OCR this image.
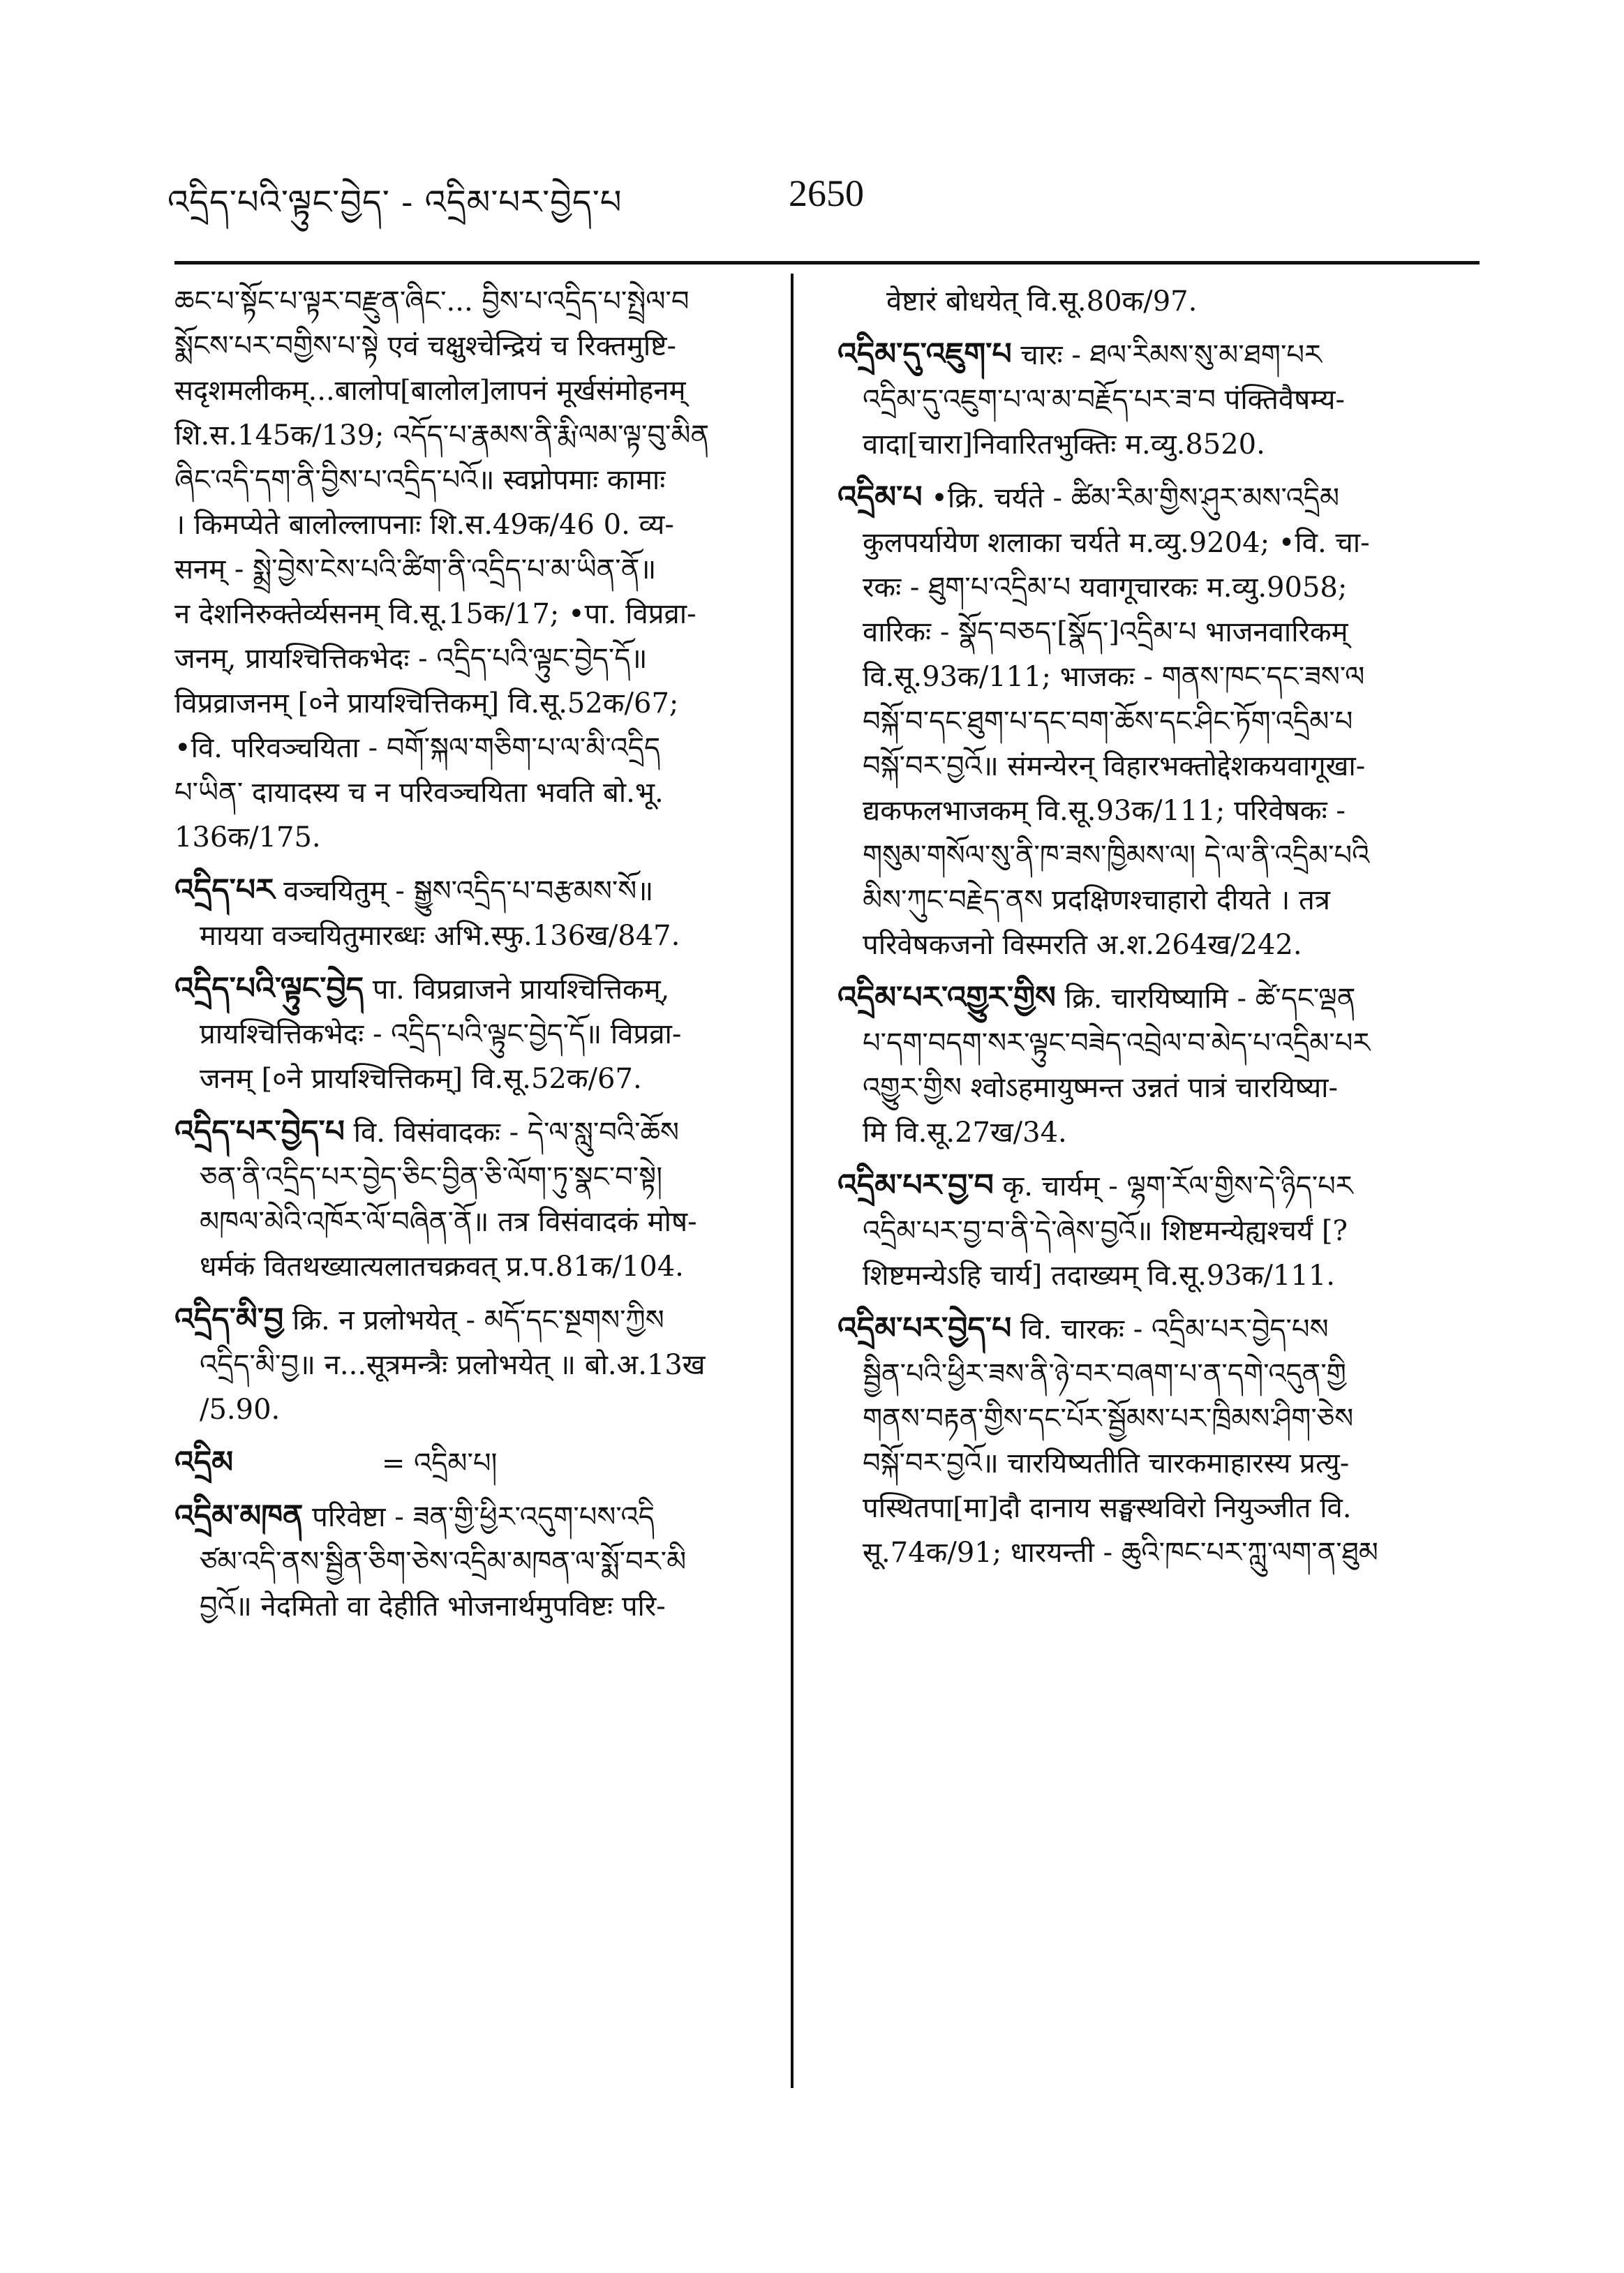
འདྲིད་པའི་ལྟུང་བྱེད་ - འདྲིམ་པར་བྱེད་པ	2650
ཆང་པ་སྟོང་པ་ལྟར་བརྫུན་ཞིང་... བྱིས་པ་འདྲིད་པ་སྤྲེལ་བ
སྨོངས་པར་བགྱིས་པ་སྟེ एवं चक्षुश्चेन्द्रियं च रिक्तमुष्टि-
सदृशमलीकम्...बालोप[बालोल]लापनं मूर्खसंमोहनम्
शि.स.145क/139; འདོད་པ་རྣམས་ནི་རྨི་ལམ་ལྟ་བུ་མིན
ཞིང་འདི་དག་ནི་བྱིས་པ་འདྲིད་པའོ॥ स्वप्नोपमाः कामाः
। किमप्येते बालोल्लापनाः शि.स.49क/46 0. व्य-
सनम् - སྨྲེ་བྱེས་ངེས་པའི་ཚིག་ནི་འདྲིད་པ་མ་ཡིན་ནོ॥
न देशनिरुक्तेर्व्यसनम् वि.सू.15क/17; •पा. विप्रव्रा-
जनम्, प्रायश्चित्तिकभेदः - འདྲིད་པའི་ལྟུང་བྱེད་དོ॥
विप्रव्राजनम् [०ने प्रायश्चित्तिकम्] वि.सू.52क/67;
•वि. परिवञ्चयिता - བགོ་སྐལ་གཅིག་པ་ལ་མི་འདྲིད
པ་ཡིན་ दायादस्य च न परिवञ्चयिता भवति बो.भू.
136क/175.
འདྲིད་པར वञ्चयितुम् - སྒྱུས་འདྲིད་པ་བརྩམས་སོ॥
मायया वञ्चयितुमारब्धः अभि.स्फु.136ख/847.
འདྲིད་པའི་ལྟུང་བྱེད पा. विप्रव्राजने प्रायश्चित्तिकम्,
प्रायश्चित्तिकभेदः - འདྲིད་པའི་ལྟུང་བྱེད་དོ॥ विप्रव्रा-
जनम् [०ने प्रायश्चित्तिकम्] वि.सू.52क/67.
འདྲིད་པར་བྱེད་པ वि. विसंवादकः - དེ་ལ་སླུ་བའི་ཆོས
ཅན་ནི་འདྲིད་པར་བྱེད་ཅིང་བྱིན་ཅི་ལོག་ཏུ་སྣང་བ་སྟེ།
མཁལ་མེའི་འཁོར་ལོ་བཞིན་ནོ॥ तत्र विसंवादकं मोष-
धर्मकं वितथख्यात्यलातचक्रवत् प्र.प.81क/104.
འདྲིད་མི་བྱ क्रि. न प्रलोभयेत् - མདོ་དང་སྔགས་ཀྱིས
འདྲིད་མི་བྱ॥ न...सूत्रमन्त्रैः प्रलोभयेत् ॥ बो.अ.13ख
/5.90.
འདྲིམ	= འདྲིམ་པ།
འདྲིམ་མཁན परिवेष्टा - ཟན་གྱི་ཕྱིར་འདུག་པས་འདི
ཙམ་འདི་ནས་སྦྱིན་ཅིག་ཅེས་འདྲིམ་མཁན་ལ་སྨོ་བར་མི
བྱའོ॥ नेदमितो वा देहीति भोजनार्थमुपविष्टः परि-
वेष्टारं बोधयेत् वि.सू.80क/97.
འདྲིམ་དུ་འཇུག་པ चारः - ཐལ་རིམས་སུ་མ་ཐག་པར
འདྲིམ་དུ་འཇུག་པ་ལ་མ་བརྗོད་པར་ཟ་བ पंक्तिवैषम्य-
वादा[चारा]निवारितभुक्तिः म.व्यु.8520.
འདྲིམ་པ •क्रि. चर्यते - ཚིམ་རིམ་གྱིས་ཤུར་མས་འདྲིམ
कुलपर्यायेण शलाका चर्यते म.व्यु.9204; •वि. चा-
रकः - ཐུག་པ་འདྲིམ་པ यवागूचारकः म.व्यु.9058;
वारिकः - སྣོད་བཅད་[སྣོད་]འདྲིམ་པ भाजनवारिकम्
वि.सू.93क/111; भाजकः - གནས་ཁང་དང་ཟས་ལ
བསྐོ་བ་དང་ཐུག་པ་དང་བག་ཆོས་དང་ཤིང་ཏོག་འདྲིམ་པ
བསྐོ་བར་བྱའོ॥ संमन्येरन् विहारभक्तोद्देशकयवागूखा-
द्यकफलभाजकम् वि.सू.93क/111; परिवेषकः -
གསུམ་གསོལ་སུ་ནི་ཁ་ཟས་ཁྱིམས་ལ། དེ་ལ་ནི་འདྲིམ་པའི
མིས་ཀུང་བརྗེད་ནས प्रदक्षिणश्चाहारो दीयते । तत्र
परिवेषकजनो विस्मरति अ.श.264ख/242.
འདྲིམ་པར་འགྱུར་གྱིས क्रि. चारयिष्यामि - ཚེ་དང་ལྡན
པ་དག་བདག་སར་ལྟུང་བཟེད་འབྲེལ་བ་མེད་པ་འདྲིམ་པར
འགྱུར་གྱིས श्वोऽहमायुष्मन्त उन्नतं पात्रं चारयिष्या-
मि वि.सू.27ख/34.
འདྲིམ་པར་བྱ་བ कृ. चार्यम् - ལྷག་རོལ་གྱིས་དེ་ཉིད་པར
འདྲིམ་པར་བྱ་བ་ནི་དེ་ཞེས་བྱའོ॥ शिष्टमन्येह्यश्चर्यं [?
शिष्टमन्येऽहि चार्य] तदाख्यम् वि.सू.93क/111.
འདྲིམ་པར་བྱེད་པ वि. चारकः - འདྲིམ་པར་བྱེད་པས
སྦྱིན་པའི་ཕྱིར་ཟས་ནི་ཉེ་བར་བཞག་པ་ན་དགེ་འདུན་གྱི
གནས་བརྟན་གྱིས་དང་པོར་སྦྱོམས་པར་ཁྲིམས་ཤིག་ཅེས
བསྐོ་བར་བྱའོ॥ चारयिष्यतीति चारकमाहारस्य प्रत्यु-
पस्थितपा[मा]दौ दानाय सङ्घस्थविरो नियुञ्जीत वि.
सू.74क/91; धारयन्ती - ཆུའི་ཁང་པར་ཀླུ་ལག་ན་ཐུམ
